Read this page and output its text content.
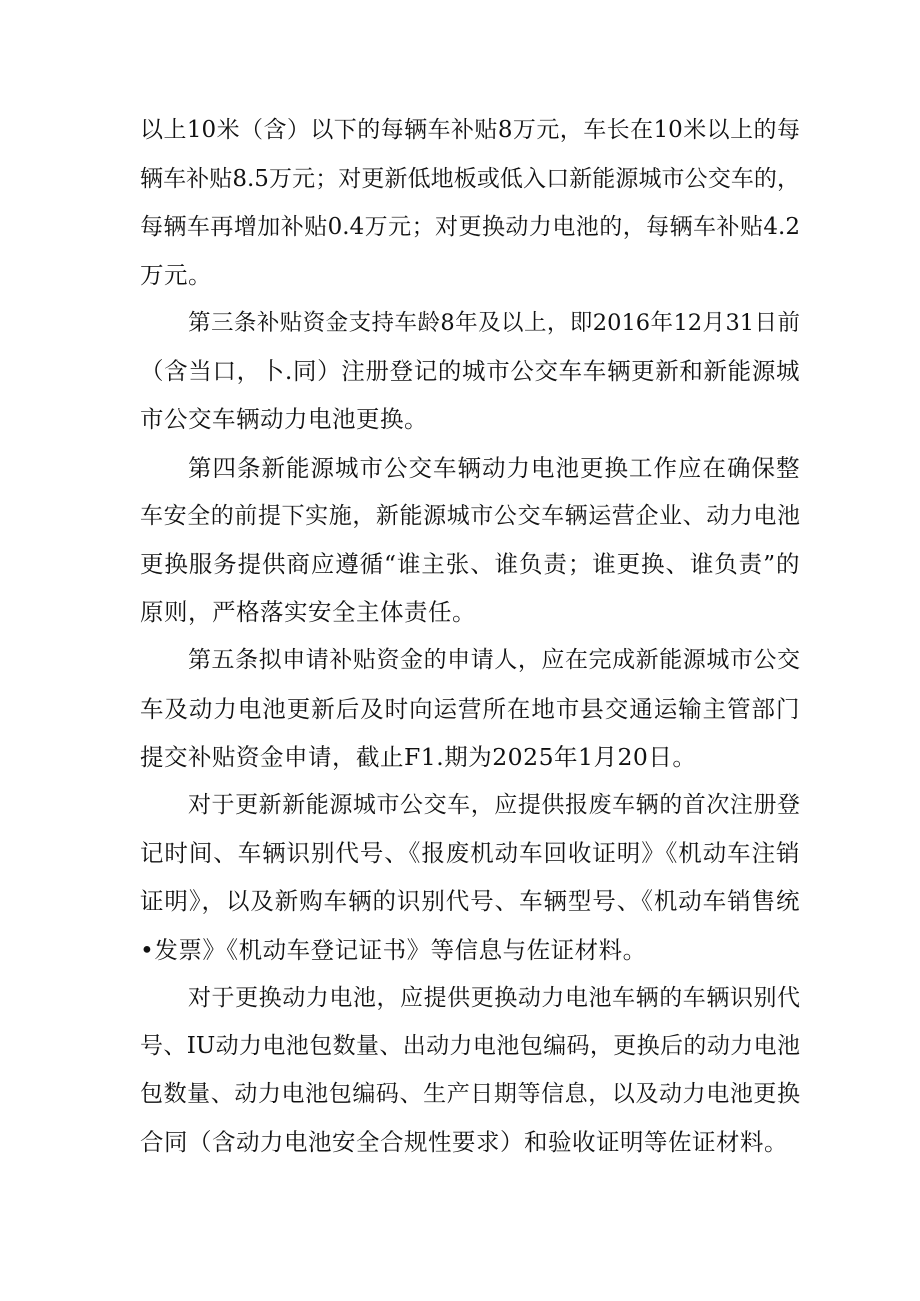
以上10米（含）以下的每辆车补贴8万元，车长在10米以上的每
辆车补贴8.5万元；对更新低地板或低入口新能源城市公交车的，
每辆车再增加补贴0.4万元；对更换动力电池的，每辆车补贴4.2
万元。
第三条补贴资金支持车龄8年及以上，即2016年12月31日前
（含当口，卜.同）注册登记的城市公交车车辆更新和新能源城
市公交车辆动力电池更换。
第四条新能源城市公交车辆动力电池更换工作应在确保整
车安全的前提下实施，新能源城市公交车辆运营企业、动力电池
更换服务提供商应遵循“谁主张、谁负责；谁更换、谁负责”的
原则，严格落实安全主体责任。
第五条拟申请补贴资金的申请人，应在完成新能源城市公交
车及动力电池更新后及时向运营所在地市县交通运输主管部门
提交补贴资金申请，截止F1.期为2025年1月20日。
对于更新新能源城市公交车，应提供报废车辆的首次注册登
记时间、车辆识别代号、《报废机动车回收证明》《机动车注销
证明》，以及新购车辆的识别代号、车辆型号、《机动车销售统
•发票》《机动车登记证书》等信息与佐证材料。
对于更换动力电池，应提供更换动力电池车辆的车辆识别代
号、IU动力电池包数量、出动力电池包编码，更换后的动力电池
包数量、动力电池包编码、生产日期等信息，以及动力电池更换
合同（含动力电池安全合规性要求）和验收证明等佐证材料。
